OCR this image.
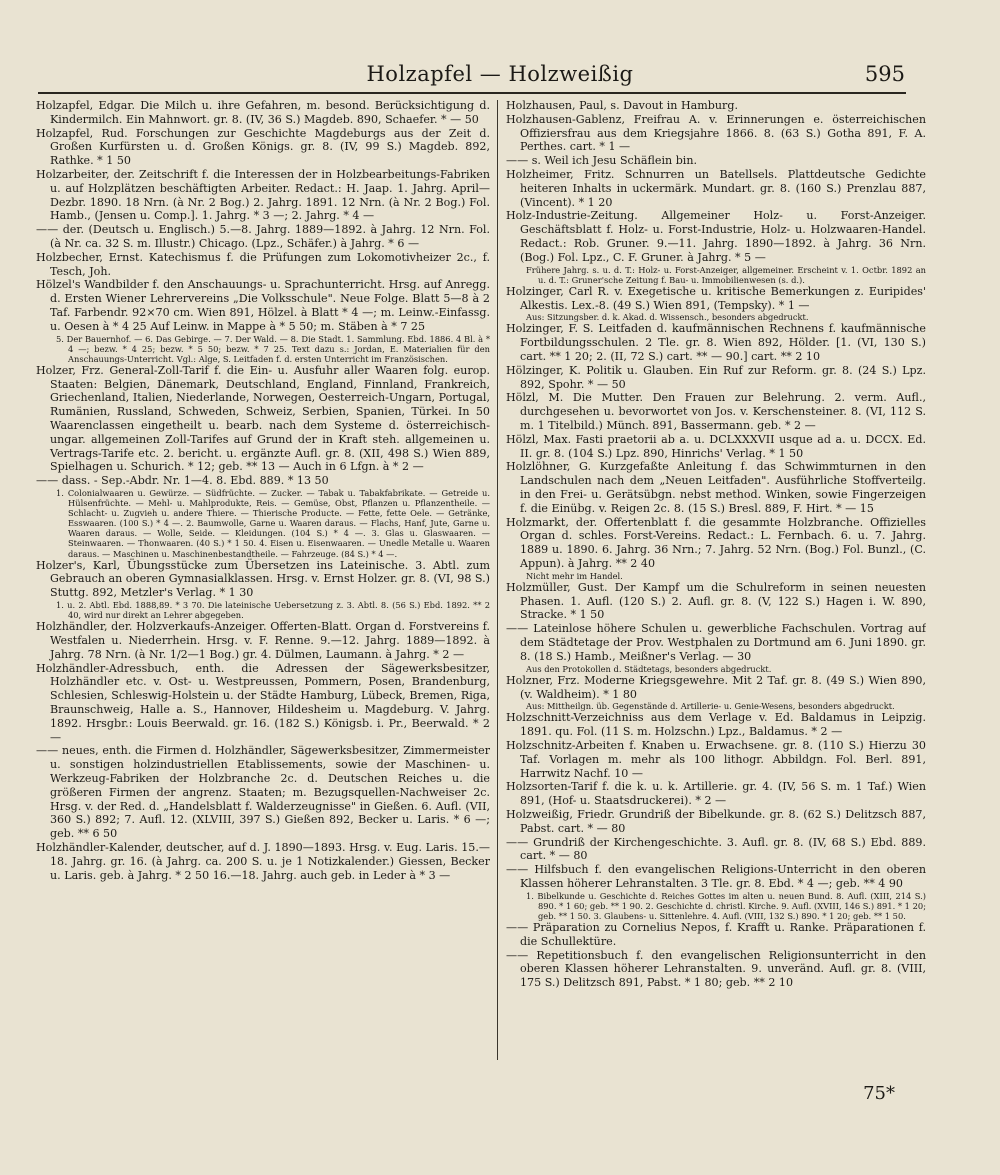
Holzapfel — Holzweißig	595

Holzapfel, Edgar. Die Milch u. ihre Gefahren, m. besond. Berücksichtigung d. Kindermilch. Ein Mahnwort. gr. 8. (IV, 36 S.) Magdeb. 890, Schaefer. * — 50

Holzapfel, Rud. Forschungen zur Geschichte Magdeburgs aus der Zeit d. Großen Kurfürsten u. d. Großen Königs. gr. 8. (IV, 99 S.) Magdeb. 892, Rathke. * 1 50

Holzarbeiter, der. Zeitschrift f. die Interessen der in Holzbearbeitungs-Fabriken u. auf Holzplätzen beschäftigten Arbeiter. Redact.: H. Jaap. 1. Jahrg. April—Dezbr. 1890. 18 Nrn. (à Nr. 2 Bog.) 2. Jahrg. 1891. 12 Nrn. (à Nr. 2 Bog.) Fol. Hamb., (Jensen u. Comp.]. 1. Jahrg. * 3 —; 2. Jahrg. * 4 —

—— der. (Deutsch u. Englisch.) 5.—8. Jahrg. 1889—1892. à Jahrg. 12 Nrn. Fol. (à Nr. ca. 32 S. m. Illustr.) Chicago. (Lpz., Schäfer.) à Jahrg. * 6 —

Holzbecher, Ernst. Katechismus f. die Prüfungen zum Lokomotivheizer 2c., f. Tesch, Joh.

Hölzel's Wandbilder f. den Anschauungs- u. Sprachunterricht. Hrsg. auf Anregg. d. Ersten Wiener Lehrervereins „Die Volksschule". Neue Folge. Blatt 5—8 à 2 Taf. Farbendr. 92×70 cm. Wien 891, Hölzel. à Blatt * 4 —; m. Leinw.-Einfassg. u. Oesen à * 4 25 Auf Leinw. in Mappe à * 5 50; m. Stäben à * 7 25

5. Der Bauernhof. — 6. Das Gebirge. — 7. Der Wald. — 8. Die Stadt. 1. Sammlung. Ebd. 1886. 4 Bl. à * 4 —; bezw. * 4 25; bezw. * 5 50; bezw. * 7 25. Text dazu s.: Jordan, E. Materialien für den Anschauungs-Unterricht. Vgl.: Alge, S. Leitfaden f. d. ersten Unterricht im Französischen.

Holzer, Frz. General-Zoll-Tarif f. die Ein- u. Ausfuhr aller Waaren folg. europ. Staaten: Belgien, Dänemark, Deutschland, England, Finnland, Frankreich, Griechenland, Italien, Niederlande, Norwegen, Oesterreich-Ungarn, Portugal, Rumänien, Russland, Schweden, Schweiz, Serbien, Spanien, Türkei. In 50 Waarenclassen eingetheilt u. bearb. nach dem Systeme d. österreichisch-ungar. allgemeinen Zoll-Tarifes auf Grund der in Kraft steh. allgemeinen u. Vertrags-Tarife etc. 2. bericht. u. ergänzte Aufl. gr. 8. (XII, 498 S.) Wien 889, Spielhagen u. Schurich. * 12; geb. ** 13 — Auch in 6 Lfgn. à * 2 —

—— dass. - Sep.-Abdr. Nr. 1—4. 8. Ebd. 889. * 13 50

1. Colonialwaaren u. Gewürze. — Südfrüchte. — Zucker. — Tabak u. Tabakfabrikate. — Getreide u. Hülsenfrüchte. — Mehl- u. Mahlprodukte, Reis. — Gemüse, Obst, Pflanzen u. Pflanzentheile. — Schlacht- u. Zugvieh u. andere Thiere. — Thierische Producte. — Fette, fette Oele. — Getränke, Esswaaren. (100 S.) * 4 —. 2. Baumwolle, Garne u. Waaren daraus. — Flachs, Hanf, Jute, Garne u. Waaren daraus. — Wolle, Seide. — Kleidungen. (104 S.) * 4 —. 3. Glas u. Glaswaaren. — Steinwaaren. — Thonwaaren. (40 S.) * 1 50. 4. Eisen u. Eisenwaaren. — Unedle Metalle u. Waaren daraus. — Maschinen u. Maschinenbestandtheile. — Fahrzeuge. (84 S.) * 4 —.

Holzer's, Karl, Übungsstücke zum Übersetzen ins Lateinische. 3. Abtl. zum Gebrauch an oberen Gymnasialklassen. Hrsg. v. Ernst Holzer. gr. 8. (VI, 98 S.) Stuttg. 892, Metzler's Verlag. * 1 30

1. u. 2. Abtl. Ebd. 1888,89. * 3 70. Die lateinische Uebersetzung z. 3. Abtl. 8. (56 S.) Ebd. 1892. ** 2 40, wird nur direkt an Lehrer abgegeben.

Holzhändler, der. Holzverkaufs-Anzeiger. Offerten-Blatt. Organ d. Forstvereins f. Westfalen u. Niederrhein. Hrsg. v. F. Renne. 9.—12. Jahrg. 1889—1892. à Jahrg. 78 Nrn. (à Nr. 1/2—1 Bog.) gr. 4. Dülmen, Laumann. à Jahrg. * 2 —

Holzhändler-Adressbuch, enth. die Adressen der Sägewerksbesitzer, Holzhändler etc. v. Ost- u. Westpreussen, Pommern, Posen, Brandenburg, Schlesien, Schleswig-Holstein u. der Städte Hamburg, Lübeck, Bremen, Riga, Braunschweig, Halle a. S., Hannover, Hildesheim u. Magdeburg. V. Jahrg. 1892. Hrsgbr.: Louis Beerwald. gr. 16. (182 S.) Königsb. i. Pr., Beerwald. * 2 —

—— neues, enth. die Firmen d. Holzhändler, Sägewerksbesitzer, Zimmermeister u. sonstigen holzindustriellen Etablissements, sowie der Maschinen- u. Werkzeug-Fabriken der Holzbranche 2c. d. Deutschen Reiches u. die größeren Firmen der angrenz. Staaten; m. Bezugsquellen-Nachweiser 2c. Hrsg. v. der Red. d. „Handelsblatt f. Walderzeugnisse" in Gießen. 6. Aufl. (VII, 360 S.) 892; 7. Aufl. 12. (XLVIII, 397 S.) Gießen 892, Becker u. Laris. * 6 —; geb. ** 6 50

Holzhändler-Kalender, deutscher, auf d. J. 1890—1893. Hrsg. v. Eug. Laris. 15.—18. Jahrg. gr. 16. (à Jahrg. ca. 200 S. u. je 1 Notizkalender.) Giessen, Becker u. Laris. geb. à Jahrg. * 2 50 16.—18. Jahrg. auch geb. in Leder à * 3 —

Holzhausen, Paul, s. Davout in Hamburg.

Holzhausen-Gablenz, Freifrau A. v. Erinnerungen e. österreichischen Offiziersfrau aus dem Kriegsjahre 1866. 8. (63 S.) Gotha 891, F. A. Perthes. cart. * 1 —

—— s. Weil ich Jesu Schäflein bin.

Holzheimer, Fritz. Schnurren un Batellsels. Plattdeutsche Gedichte heiteren Inhalts in uckermärk. Mundart. gr. 8. (160 S.) Prenzlau 887, (Vincent). * 1 20

Holz-Industrie-Zeitung. Allgemeiner Holz- u. Forst-Anzeiger. Geschäftsblatt f. Holz- u. Forst-Industrie, Holz- u. Holzwaaren-Handel. Redact.: Rob. Gruner. 9.—11. Jahrg. 1890—1892. à Jahrg. 36 Nrn. (Bog.) Fol. Lpz., C. F. Gruner. à Jahrg. * 5 —

Frühere Jahrg. s. u. d. T.: Holz- u. Forst-Anzeiger, allgemeiner. Erscheint v. 1. Octbr. 1892 an u. d. T.: Gruner'sche Zeitung f. Bau- u. Immobilienwesen (s. d.).

Holzinger, Carl R. v. Exegetische u. kritische Bemerkungen z. Euripides' Alkestis. Lex.-8. (49 S.) Wien 891, (Tempsky). * 1 —

Aus: Sitzungsber. d. k. Akad. d. Wissensch., besonders abgedruckt.

Holzinger, F. S. Leitfaden d. kaufmännischen Rechnens f. kaufmännische Fortbildungsschulen. 2 Tle. gr. 8. Wien 892, Hölder. [1. (VI, 130 S.) cart. ** 1 20; 2. (II, 72 S.) cart. ** — 90.] cart. ** 2 10

Hölzinger, K. Politik u. Glauben. Ein Ruf zur Reform. gr. 8. (24 S.) Lpz. 892, Spohr. * — 50

Hölzl, M. Die Mutter. Den Frauen zur Belehrung. 2. verm. Aufl., durchgesehen u. bevorwortet von Jos. v. Kerschensteiner. 8. (VI, 112 S. m. 1 Titelbild.) Münch. 891, Bassermann. geb. * 2 —

Hölzl, Max. Fasti praetorii ab a. u. DCLXXXVII usque ad a. u. DCCX. Ed. II. gr. 8. (104 S.) Lpz. 890, Hinrichs' Verlag. * 1 50

Holzlöhner, G. Kurzgefaßte Anleitung f. das Schwimmturnen in den Landschulen nach dem „Neuen Leitfaden". Ausführliche Stoffverteilg. in den Frei- u. Gerätsübgn. nebst method. Winken, sowie Fingerzeigen f. die Einübg. v. Reigen 2c. 8. (15 S.) Bresl. 889, F. Hirt. * — 15

Holzmarkt, der. Offertenblatt f. die gesammte Holzbranche. Offizielles Organ d. schles. Forst-Vereins. Redact.: L. Fernbach. 6. u. 7. Jahrg. 1889 u. 1890. 6. Jahrg. 36 Nrn.; 7. Jahrg. 52 Nrn. (Bog.) Fol. Bunzl., (C. Appun). à Jahrg. ** 2 40

Nicht mehr im Handel.

Holzmüller, Gust. Der Kampf um die Schulreform in seinen neuesten Phasen. 1. Aufl. (120 S.) 2. Aufl. gr. 8. (V, 122 S.) Hagen i. W. 890, Stracke. * 1 50

—— Lateinlose höhere Schulen u. gewerbliche Fachschulen. Vortrag auf dem Städtetage der Prov. Westphalen zu Dortmund am 6. Juni 1890. gr. 8. (18 S.) Hamb., Meißner's Verlag. — 30

Aus den Protokollen d. Städtetags, besonders abgedruckt.

Holzner, Frz. Moderne Kriegsgewehre. Mit 2 Taf. gr. 8. (49 S.) Wien 890, (v. Waldheim). * 1 80

Aus: Mittheilgn. üb. Gegenstände d. Artillerie- u. Genie-Wesens, besonders abgedruckt.

Holzschnitt-Verzeichniss aus dem Verlage v. Ed. Baldamus in Leipzig. 1891. qu. Fol. (11 S. m. Holzschn.) Lpz., Baldamus. * 2 —

Holzschnitz-Arbeiten f. Knaben u. Erwachsene. gr. 8. (110 S.) Hierzu 30 Taf. Vorlagen m. mehr als 100 lithogr. Abbildgn. Fol. Berl. 891, Harrwitz Nachf. 10 —

Holzsorten-Tarif f. die k. u. k. Artillerie. gr. 4. (IV, 56 S. m. 1 Taf.) Wien 891, (Hof- u. Staatsdruckerei). * 2 —

Holzweißig, Friedr. Grundriß der Bibelkunde. gr. 8. (62 S.) Delitzsch 887, Pabst. cart. * — 80

—— Grundriß der Kirchengeschichte. 3. Aufl. gr. 8. (IV, 68 S.) Ebd. 889. cart. * — 80

—— Hilfsbuch f. den evangelischen Religions-Unterricht in den oberen Klassen höherer Lehranstalten. 3 Tle. gr. 8. Ebd. * 4 —; geb. ** 4 90

1. Bibelkunde u. Geschichte d. Reiches Gottes im alten u. neuen Bund. 8. Aufl. (XIII, 214 S.) 890. * 1 60; geb. ** 1 90. 2. Geschichte d. christl. Kirche. 9. Aufl. (XVIII, 146 S.) 891. * 1 20; geb. ** 1 50. 3. Glaubens- u. Sittenlehre. 4. Aufl. (VIII, 132 S.) 890. * 1 20; geb. ** 1 50.

—— Präparation zu Cornelius Nepos, f. Krafft u. Ranke. Präparationen f. die Schullektüre.

—— Repetitionsbuch f. den evangelischen Religionsunterricht in den oberen Klassen höherer Lehranstalten. 9. unveränd. Aufl. gr. 8. (VIII, 175 S.) Delitzsch 891, Pabst. * 1 80; geb. ** 2 10

75*
